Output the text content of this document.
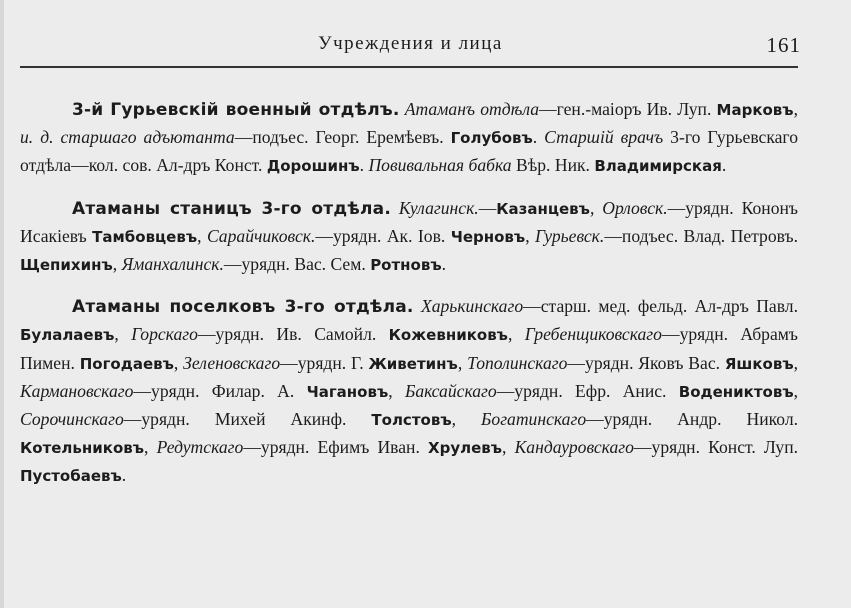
Учреждения и лица	161

3-й Гурьевскій военный отдѣлъ. Атаманъ отдѣла—ген.-маіоръ Ив. Луп. Марковъ, и. д. старшаго адъютанта—подъес. Георг. Еремѣевъ. Голубовъ. Старшій врачъ 3-го Гурьевскаго отдѣла—кол. сов. Ал-дръ Конст. Дорошинъ. Повивальная бабка Вѣр. Ник. Владимирская.

Атаманы станицъ 3-го отдѣла. Кулагинск.—Казанцевъ, Орловск.—урядн. Кононъ Исакіевъ Тамбовцевъ, Сарайчиковск.—урядн. Ак. Іов. Черновъ, Гурьевск.—подъес. Влад. Петровъ. Щепихинъ, Яманхалинск.—урядн. Вас. Сем. Ротновъ.

Атаманы поселковъ 3-го отдѣла. Харькинскаго—старш. мед. фельд. Ал-дръ Павл. Булалаевъ, Горскаго—урядн. Ив. Самойл. Кожевниковъ, Гребенщиковскаго—урядн. Абрамъ Пимен. Погодаевъ, Зеленовскаго—урядн. Г. Живетинъ, Тополинскаго—урядн. Яковъ Вас. Яшковъ, Кармановскаго—урядн. Филар. А. Чагановъ, Баксайскаго—урядн. Ефр. Анис. Водениктовъ, Сорочинскаго—урядн. Михей Акинф. Толстовъ, Богатинскаго—урядн. Андр. Никол. Котельниковъ, Редутскаго—урядн. Ефимъ Иван. Хрулевъ, Кандауровскаго—урядн. Конст. Луп. Пустобаевъ.
